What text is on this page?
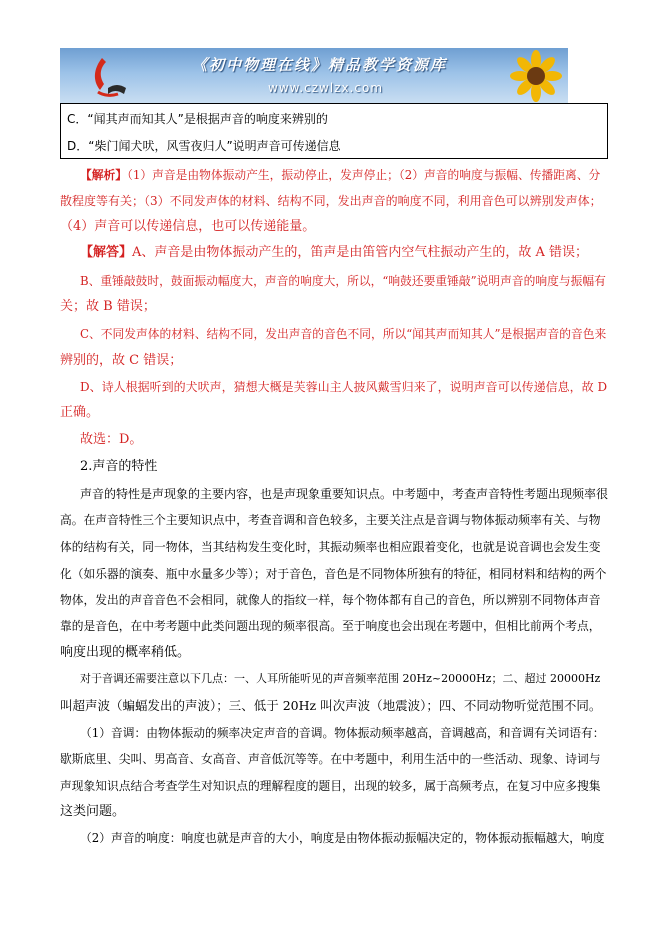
《初中物理在线》精品教学资源库
www.czwlzx.com
C．“闻其声而知其人”是根据声音的响度来辨别的
D．“柴门闻犬吠，风雪夜归人”说明声音可传递信息
【解析】（1）声音是由物体振动产生，振动停止，发声停止；（2）声音的响度与振幅、传播距离、分
散程度等有关；（3）不同发声体的材料、结构不同，发出声音的响度不同，利用音色可以辨别发声体；
（4）声音可以传递信息，也可以传递能量。
【解答】A、声音是由物体振动产生的，笛声是由笛管内空气柱振动产生的，故 A 错误；
B、重锤敲鼓时，鼓面振动幅度大，声音的响度大，所以，“响鼓还要重锤敲”说明声音的响度与振幅有
关；故 B 错误；
C、不同发声体的材料、结构不同，发出声音的音色不同，所以“闻其声而知其人”是根据声音的音色来
辨别的，故 C 错误；
D、诗人根据听到的犬吠声，猜想大概是芙蓉山主人披风戴雪归来了，说明声音可以传递信息，故 D
正确。
故选：D。
2.声音的特性
声音的特性是声现象的主要内容，也是声现象重要知识点。中考题中，考查声音特性考题出现频率很
高。在声音特性三个主要知识点中，考查音调和音色较多，主要关注点是音调与物体振动频率有关、与物
体的结构有关，同一物体，当其结构发生变化时，其振动频率也相应跟着变化，也就是说音调也会发生变
化（如乐器的演奏、瓶中水量多少等）；对于音色，音色是不同物体所独有的特征，相同材料和结构的两个
物体，发出的声音音色不会相同，就像人的指纹一样，每个物体都有自己的音色，所以辨别不同物体声音
靠的是音色，在中考考题中此类问题出现的频率很高。至于响度也会出现在考题中，但相比前两个考点，
响度出现的概率稍低。
对于音调还需要注意以下几点：一、人耳所能听见的声音频率范围 20Hz~20000Hz；二、超过 20000Hz
叫超声波（蝙蝠发出的声波）；三、低于 20Hz 叫次声波（地震波）；四、不同动物听觉范围不同。
（1）音调：由物体振动的频率决定声音的音调。物体振动频率越高，音调越高，和音调有关词语有：
歇斯底里、尖叫、男高音、女高音、声音低沉等等。在中考题中，利用生活中的一些活动、现象、诗词与
声现象知识点结合考查学生对知识点的理解程度的题目，出现的较多，属于高频考点，在复习中应多搜集
这类问题。
（2）声音的响度：响度也就是声音的大小，响度是由物体振动振幅决定的，物体振动振幅越大，响度
